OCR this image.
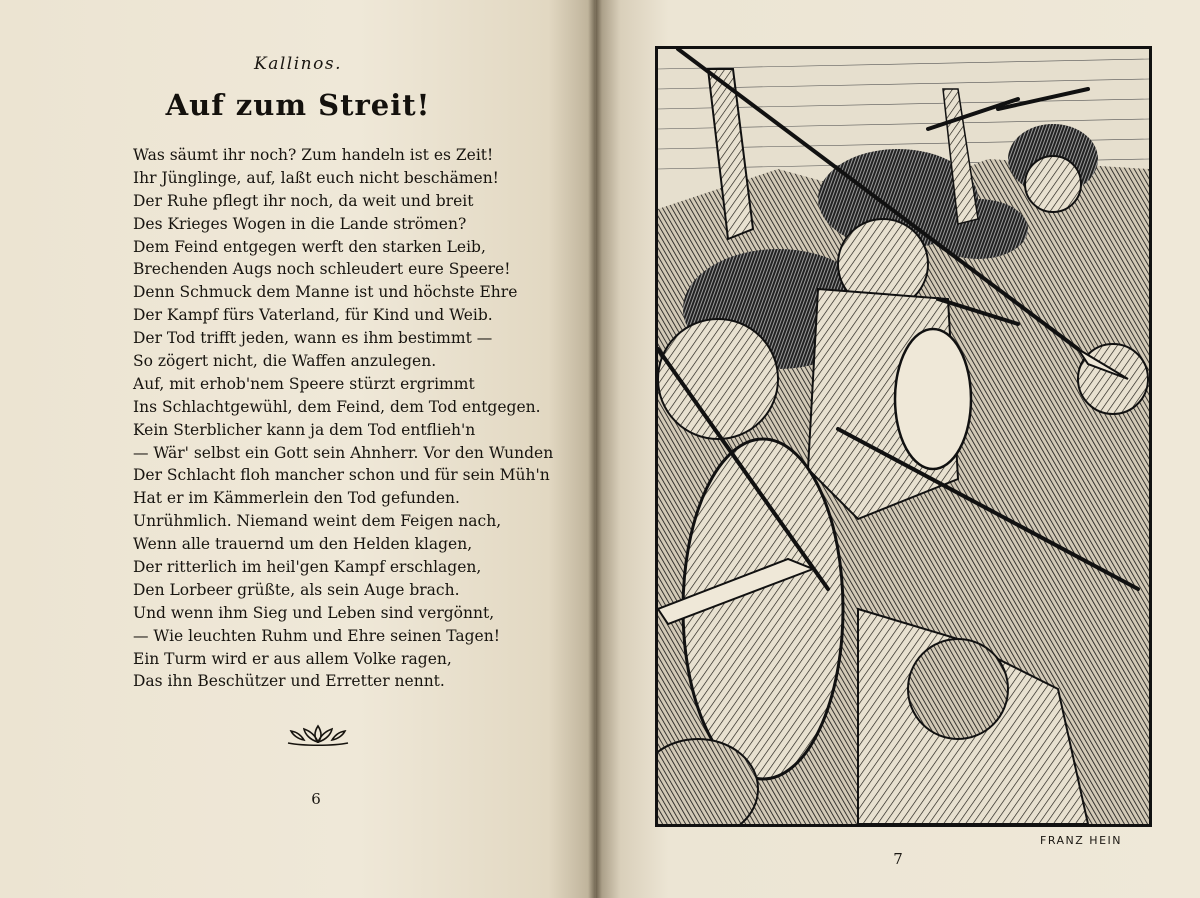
Kallinos.
Auf zum Streit!
Was säumt ihr noch? Zum handeln ist es Zeit!
Ihr Jünglinge, auf, laßt euch nicht beschämen!
Der Ruhe pflegt ihr noch, da weit und breit
Des Krieges Wogen in die Lande strömen?
Dem Feind entgegen werft den starken Leib,
Brechenden Augs noch schleudert eure Speere!
Denn Schmuck dem Manne ist und höchste Ehre
Der Kampf fürs Vaterland, für Kind und Weib.
Der Tod trifft jeden, wann es ihm bestimmt —
So zögert nicht, die Waffen anzulegen.
Auf, mit erhob'nem Speere stürzt ergrimmt
Ins Schlachtgewühl, dem Feind, dem Tod entgegen.
Kein Sterblicher kann ja dem Tod entflieh'n
— Wär' selbst ein Gott sein Ahnherr. Vor den Wunden
Der Schlacht floh mancher schon und für sein Müh'n
Hat er im Kämmerlein den Tod gefunden.
Unrühmlich. Niemand weint dem Feigen nach,
Wenn alle trauernd um den Helden klagen,
Der ritterlich im heil'gen Kampf erschlagen,
Den Lorbeer grüßte, als sein Auge brach.
Und wenn ihm Sieg und Leben sind vergönnt,
— Wie leuchten Ruhm und Ehre seinen Tagen!
Ein Turm wird er aus allem Volke ragen,
Das ihn Beschützer und Erretter nennt.
6
FRANZ HEIN
7
